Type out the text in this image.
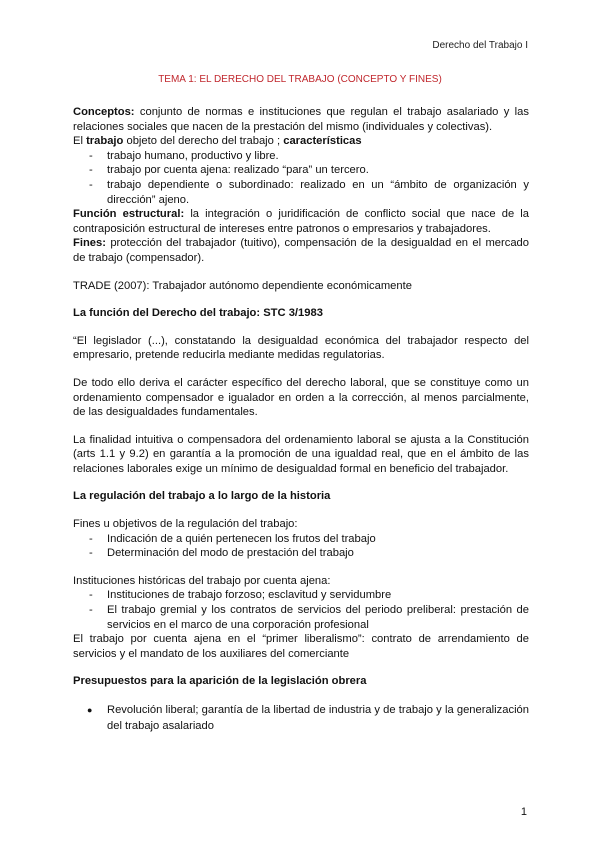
Derecho del Trabajo I
TEMA 1: EL DERECHO DEL TRABAJO (CONCEPTO Y FINES)

Conceptos: conjunto de normas e instituciones que regulan el trabajo asalariado y las relaciones sociales que nacen de la prestación del mismo (individuales y colectivas).

El trabajo objeto del derecho del trabajo ; características

- trabajo humano, productivo y libre.
- trabajo por cuenta ajena: realizado “para” un tercero.
- trabajo dependiente o subordinado: realizado en un “ámbito de organización y dirección” ajeno.

Función estructural: la integración o juridificación de conflicto social que nace de la contraposición estructural de intereses entre patronos o empresarios y trabajadores.

Fines: protección del trabajador (tuitivo), compensación de la desigualdad en el mercado de trabajo (compensador).

TRADE (2007): Trabajador autónomo dependiente económicamente

La función del Derecho del trabajo: STC 3/1983

“El legislador (...), constatando la desigualdad económica del trabajador respecto del empresario, pretende reducirla mediante medidas regulatorias.

De todo ello deriva el carácter específico del derecho laboral, que se constituye como un ordenamiento compensador e igualador en orden a la corrección, al menos parcialmente, de las desigualdades fundamentales.

La finalidad intuitiva o compensadora del ordenamiento laboral se ajusta a la Constitución (arts 1.1 y 9.2) en garantía a la promoción de una igualdad real, que en el ámbito de las relaciones laborales exige un mínimo de desigualdad formal en beneficio del trabajador.

La regulación del trabajo a lo largo de la historia

Fines u objetivos de la regulación del trabajo:

- Indicación de a quién pertenecen los frutos del trabajo
- Determinación del modo de prestación del trabajo

Instituciones históricas del trabajo por cuenta ajena:

- Instituciones de trabajo forzoso; esclavitud y servidumbre
- El trabajo gremial y los contratos de servicios del periodo preliberal: prestación de servicios en el marco de una corporación profesional

El trabajo por cuenta ajena en el “primer liberalismo”: contrato de arrendamiento de servicios y el mandato de los auxiliares del comerciante

Presupuestos para la aparición de la legislación obrera

● Revolución liberal; garantía de la libertad de industria y de trabajo y la generalización del trabajo asalariado
1
